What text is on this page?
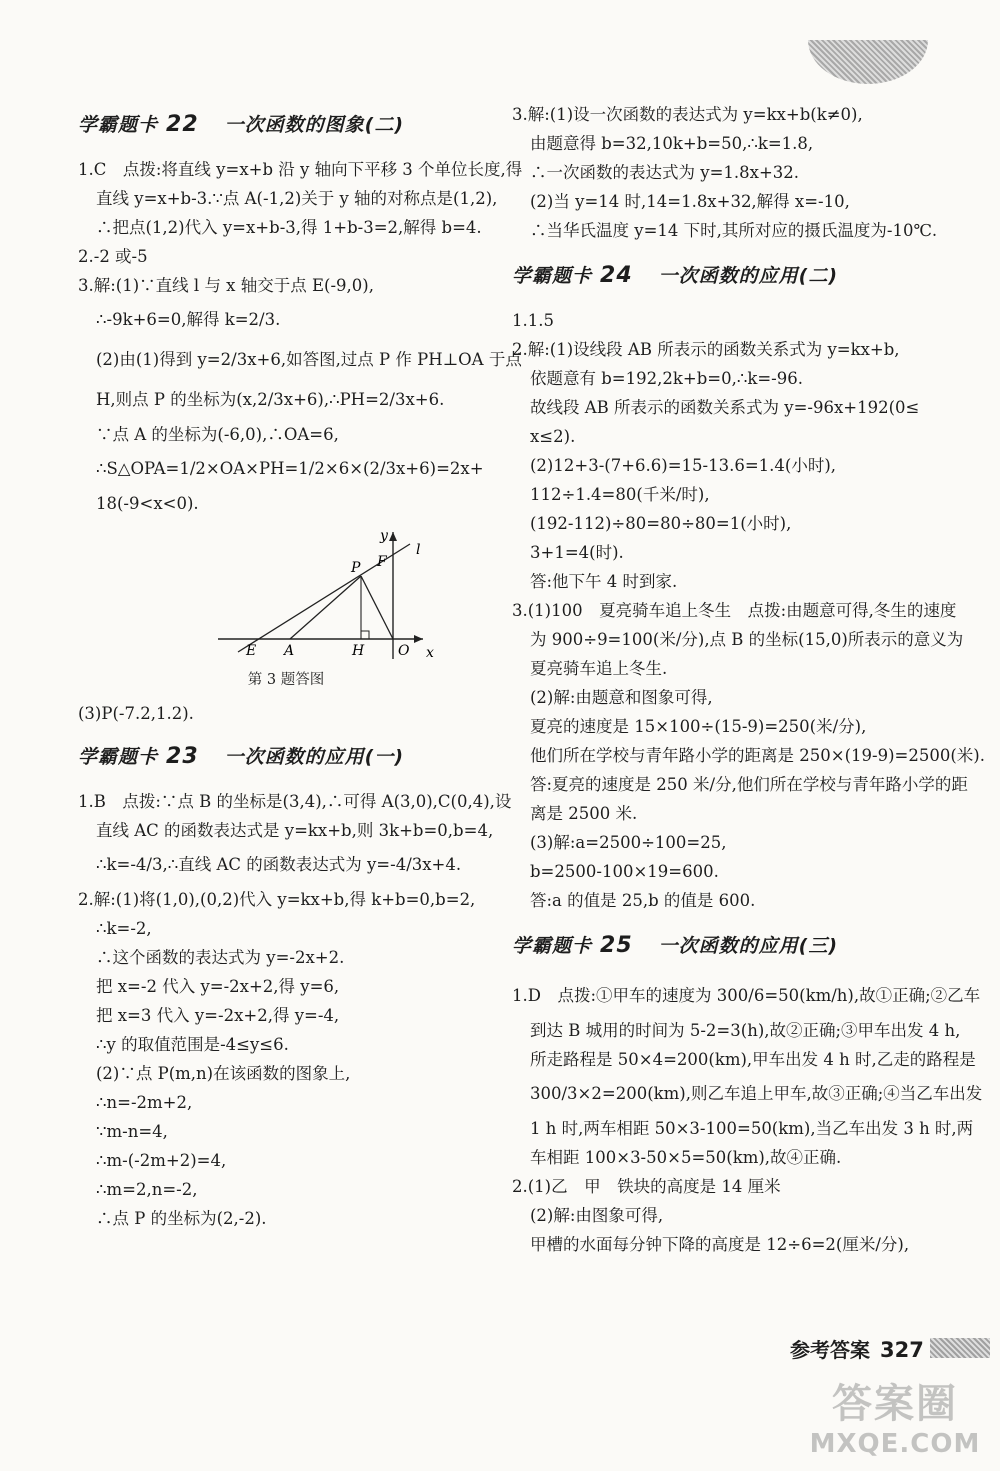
学霸题卡 22 一次函数的图象(二)

1.C　点拨:将直线 y=x+b 沿 y 轴向下平移 3 个单位长度,得

直线 y=x+b-3.∵点 A(-1,2)关于 y 轴的对称点是(1,2),

∴把点(1,2)代入 y=x+b-3,得 1+b-3=2,解得 b=4.

2.-2 或-5

3.解:(1)∵直线 l 与 x 轴交于点 E(-9,0),

∴-9k+6=0,解得 k=2/3.

(2)由(1)得到 y=2/3x+6,如答图,过点 P 作 PH⊥OA 于点

H,则点 P 的坐标为(x,2/3x+6),∴PH=2/3x+6.

∵点 A 的坐标为(-6,0),∴OA=6,

∴S△OPA=1/2×OA×PH=1/2×6×(2/3x+6)=2x+

18(-9<x<0).

y
x
F
l
P
E A	H O
第 3 题答图

(3)P(-7.2,1.2).

学霸题卡 23 一次函数的应用(一)

1.B　点拨:∵点 B 的坐标是(3,4),∴可得 A(3,0),C(0,4),设

直线 AC 的函数表达式是 y=kx+b,则 3k+b=0,b=4,

∴k=-4/3,∴直线 AC 的函数表达式为 y=-4/3x+4.

2.解:(1)将(1,0),(0,2)代入 y=kx+b,得 k+b=0,b=2,

∴k=-2,

∴这个函数的表达式为 y=-2x+2.

把 x=-2 代入 y=-2x+2,得 y=6,

把 x=3 代入 y=-2x+2,得 y=-4,

∴y 的取值范围是-4≤y≤6.

(2)∵点 P(m,n)在该函数的图象上,

∴n=-2m+2,

∵m-n=4,

∴m-(-2m+2)=4,

∴m=2,n=-2,

∴点 P 的坐标为(2,-2).

3.解:(1)设一次函数的表达式为 y=kx+b(k≠0),

由题意得 b=32,10k+b=50,∴k=1.8,

∴一次函数的表达式为 y=1.8x+32.

(2)当 y=14 时,14=1.8x+32,解得 x=-10,

∴当华氏温度 y=14 下时,其所对应的摄氏温度为-10℃.

学霸题卡 24 一次函数的应用(二)

1.1.5

2.解:(1)设线段 AB 所表示的函数关系式为 y=kx+b,

依题意有 b=192,2k+b=0,∴k=-96.

故线段 AB 所表示的函数关系式为 y=-96x+192(0≤

x≤2).

(2)12+3-(7+6.6)=15-13.6=1.4(小时),

112÷1.4=80(千米/时),

(192-112)÷80=80÷80=1(小时),

3+1=4(时).

答:他下午 4 时到家.

3.(1)100　夏亮骑车追上冬生　点拨:由题意可得,冬生的速度

为 900÷9=100(米/分),点 B 的坐标(15,0)所表示的意义为

夏亮骑车追上冬生.

(2)解:由题意和图象可得,

夏亮的速度是 15×100÷(15-9)=250(米/分),

他们所在学校与青年路小学的距离是 250×(19-9)=2500(米).

答:夏亮的速度是 250 米/分,他们所在学校与青年路小学的距

离是 2500 米.

(3)解:a=2500÷100=25,

b=2500-100×19=600.

答:a 的值是 25,b 的值是 600.

学霸题卡 25 一次函数的应用(三)

1.D　点拨:①甲车的速度为 300/6=50(km/h),故①正确;②乙车

到达 B 城用的时间为 5-2=3(h),故②正确;③甲车出发 4 h,

所走路程是 50×4=200(km),甲车出发 4 h 时,乙走的路程是

300/3×2=200(km),则乙车追上甲车,故③正确;④当乙车出发

1 h 时,两车相距 50×3-100=50(km),当乙车出发 3 h 时,两

车相距 100×3-50×5=50(km),故④正确.

2.(1)乙　甲　铁块的高度是 14 厘米

(2)解:由图象可得,

甲槽的水面每分钟下降的高度是 12÷6=2(厘米/分),

参考答案 327
答案圈
MXQE.COM
